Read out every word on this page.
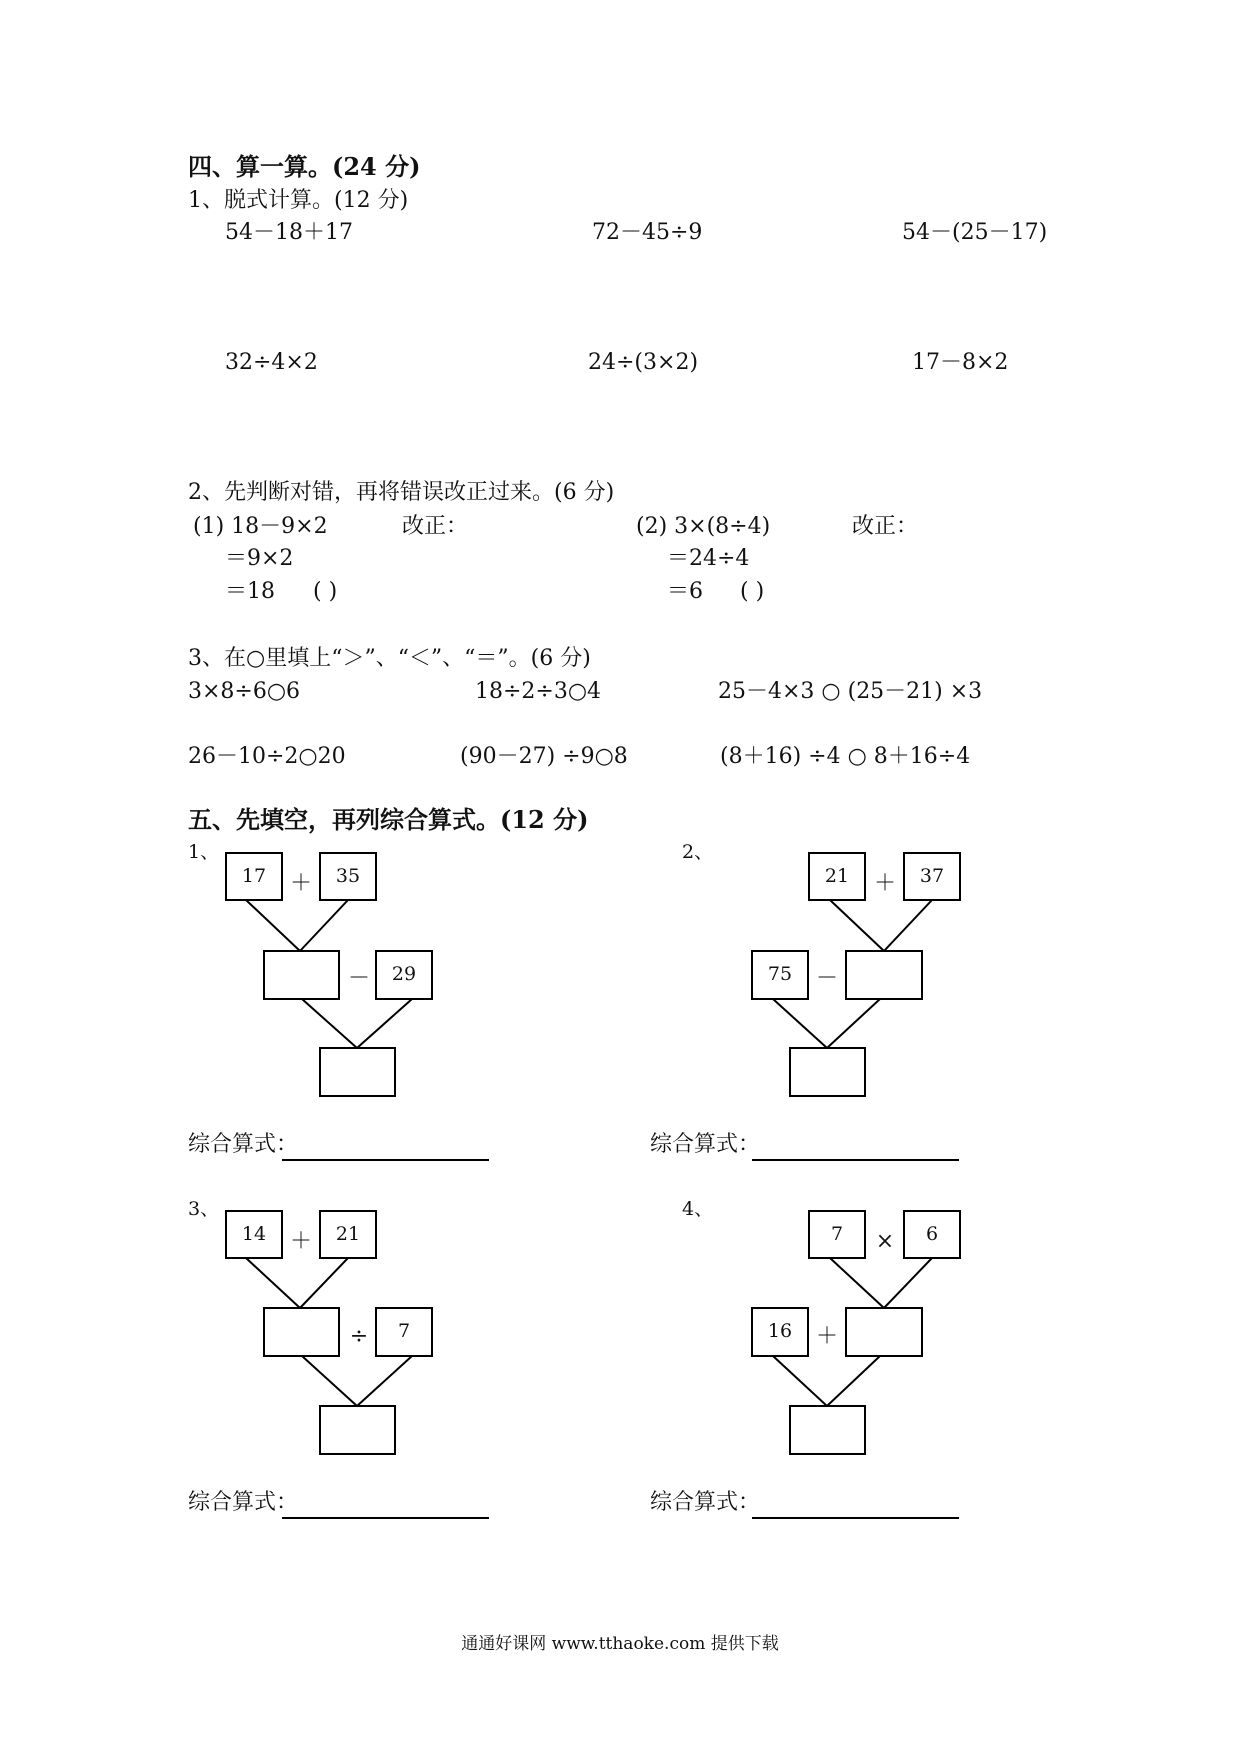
四、算一算。(24 分)
1、脱式计算。(12 分)
54－18＋17	72－45÷9	54－(25－17)
32÷4×2	24÷(3×2)	17－8×2
2、先判断对错，再将错误改正过来。(6 分)
(1) 18－9×2	改正：	(2) 3×(8÷4)	改正：
＝9×2	＝24÷4
＝18 ( )	＝6 ( )
3、在○里填上“＞”、“＜”、“＝”。(6 分)
3×8÷6○6	18÷2÷3○4	25－4×3 ○ (25－21) ×3
26－10÷2○20	(90－27) ÷9○8	(8＋16) ÷4 ○ 8＋16÷4
五、先填空，再列综合算式。(12 分)
1、
17	＋	35
－	29
综合算式：
2、
21	＋	37
75	－
综合算式：
3、
14	＋	21
÷	7
综合算式：
4、
7	×	6
16	＋
综合算式：
通通好课网 www.tthaoke.com 提供下载
